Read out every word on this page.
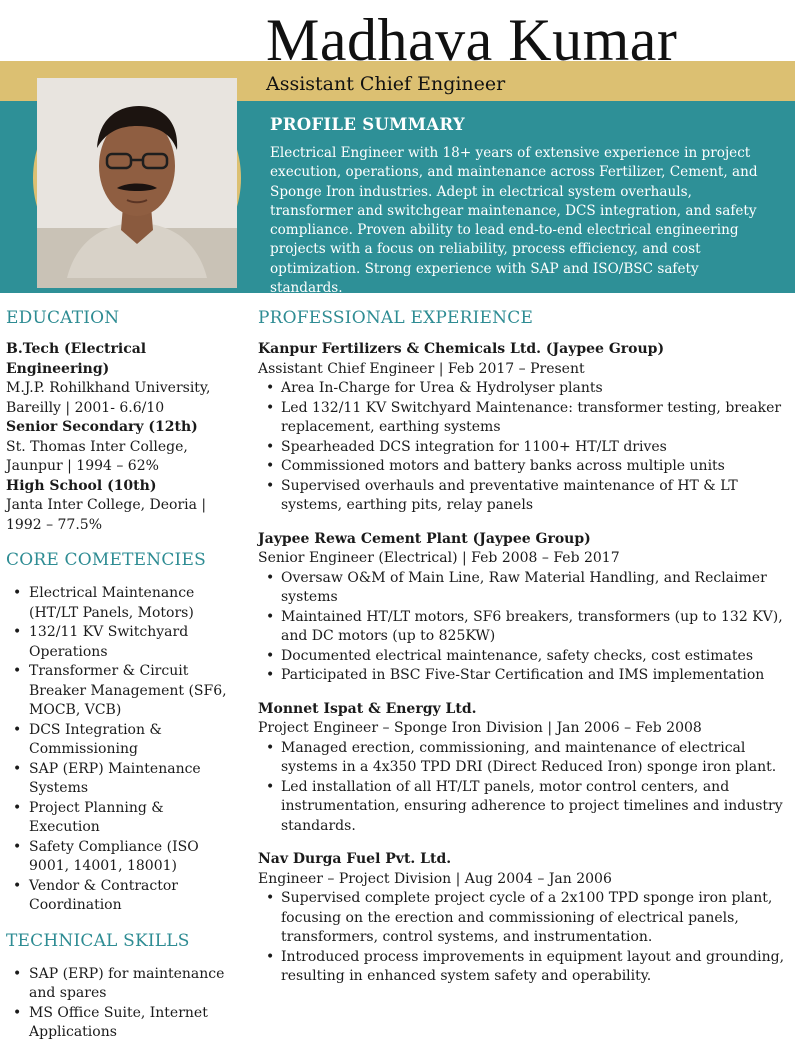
Madhava Kumar
Assistant Chief Engineer
PROFILE SUMMARY
Electrical Engineer with 18+ years of extensive experience in project execution, operations, and maintenance across Fertilizer, Cement, and Sponge Iron industries. Adept in electrical system overhauls, transformer and switchgear maintenance, DCS integration, and safety compliance. Proven ability to lead end-to-end electrical engineering projects with a focus on reliability, process efficiency, and cost optimization. Strong experience with SAP and ISO/BSC safety standards.
EDUCATION
B.Tech (Electrical Engineering)
M.J.P. Rohilkhand University,
Bareilly | 2001- 6.6/10
Senior Secondary (12th)
St. Thomas Inter College,
Jaunpur | 1994 – 62%
High School (10th)
Janta Inter College, Deoria |
1992 – 77.5%
CORE COMETENCIES
• Electrical Maintenance (HT/LT Panels, Motors)
• 132/11 KV Switchyard Operations
• Transformer & Circuit Breaker Management (SF6, MOCB, VCB)
• DCS Integration & Commissioning
• SAP (ERP) Maintenance Systems
• Project Planning & Execution
• Safety Compliance (ISO 9001, 14001, 18001)
• Vendor & Contractor Coordination
TECHNICAL SKILLS
• SAP (ERP) for maintenance and spares
• MS Office Suite, Internet Applications
PROFESSIONAL EXPERIENCE
Kanpur Fertilizers & Chemicals Ltd. (Jaypee Group)
Assistant Chief Engineer | Feb 2017 – Present
• Area In-Charge for Urea & Hydrolyser plants
• Led 132/11 KV Switchyard Maintenance: transformer testing, breaker replacement, earthing systems
• Spearheaded DCS integration for 1100+ HT/LT drives
• Commissioned motors and battery banks across multiple units
• Supervised overhauls and preventative maintenance of HT & LT systems, earthing pits, relay panels
Jaypee Rewa Cement Plant (Jaypee Group)
Senior Engineer (Electrical) | Feb 2008 – Feb 2017
• Oversaw O&M of Main Line, Raw Material Handling, and Reclaimer systems
• Maintained HT/LT motors, SF6 breakers, transformers (up to 132 KV), and DC motors (up to 825KW)
• Documented electrical maintenance, safety checks, cost estimates
• Participated in BSC Five-Star Certification and IMS implementation
Monnet Ispat & Energy Ltd.
Project Engineer – Sponge Iron Division | Jan 2006 – Feb 2008
• Managed erection, commissioning, and maintenance of electrical systems in a 4x350 TPD DRI (Direct Reduced Iron) sponge iron plant.
• Led installation of all HT/LT panels, motor control centers, and instrumentation, ensuring adherence to project timelines and industry standards.
Nav Durga Fuel Pvt. Ltd.
Engineer – Project Division | Aug 2004 – Jan 2006
• Supervised complete project cycle of a 2x100 TPD sponge iron plant, focusing on the erection and commissioning of electrical panels, transformers, control systems, and instrumentation.
• Introduced process improvements in equipment layout and grounding, resulting in enhanced system safety and operability.
